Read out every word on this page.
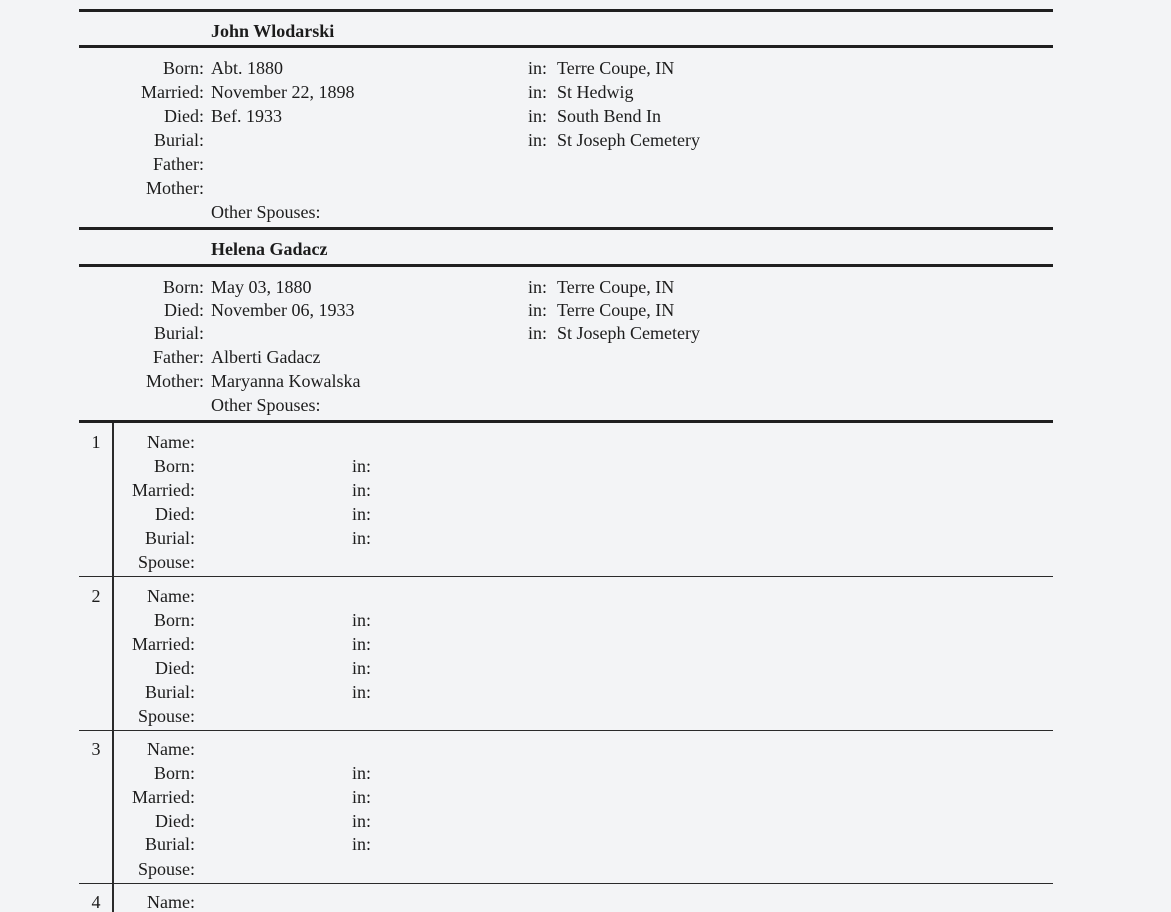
John Wlodarski
Born: Abt. 1880	in: Terre Coupe, IN
Married: November 22, 1898	in: St Hedwig
Died: Bef. 1933	in: South Bend In
Burial:	in: St Joseph Cemetery
Father:
Mother:
Other Spouses:
Helena Gadacz
Born: May 03, 1880	in: Terre Coupe, IN
Died: November 06, 1933	in: Terre Coupe, IN
Burial:	in: St Joseph Cemetery
Father: Alberti Gadacz
Mother: Maryanna Kowalska
Other Spouses:
1	Name:
Born:	in:
Married:	in:
Died:	in:
Burial:	in:
Spouse:
2	Name:
Born:	in:
Married:	in:
Died:	in:
Burial:	in:
Spouse:
3	Name:
Born:	in:
Married:	in:
Died:	in:
Burial:	in:
Spouse:
4	Name:
